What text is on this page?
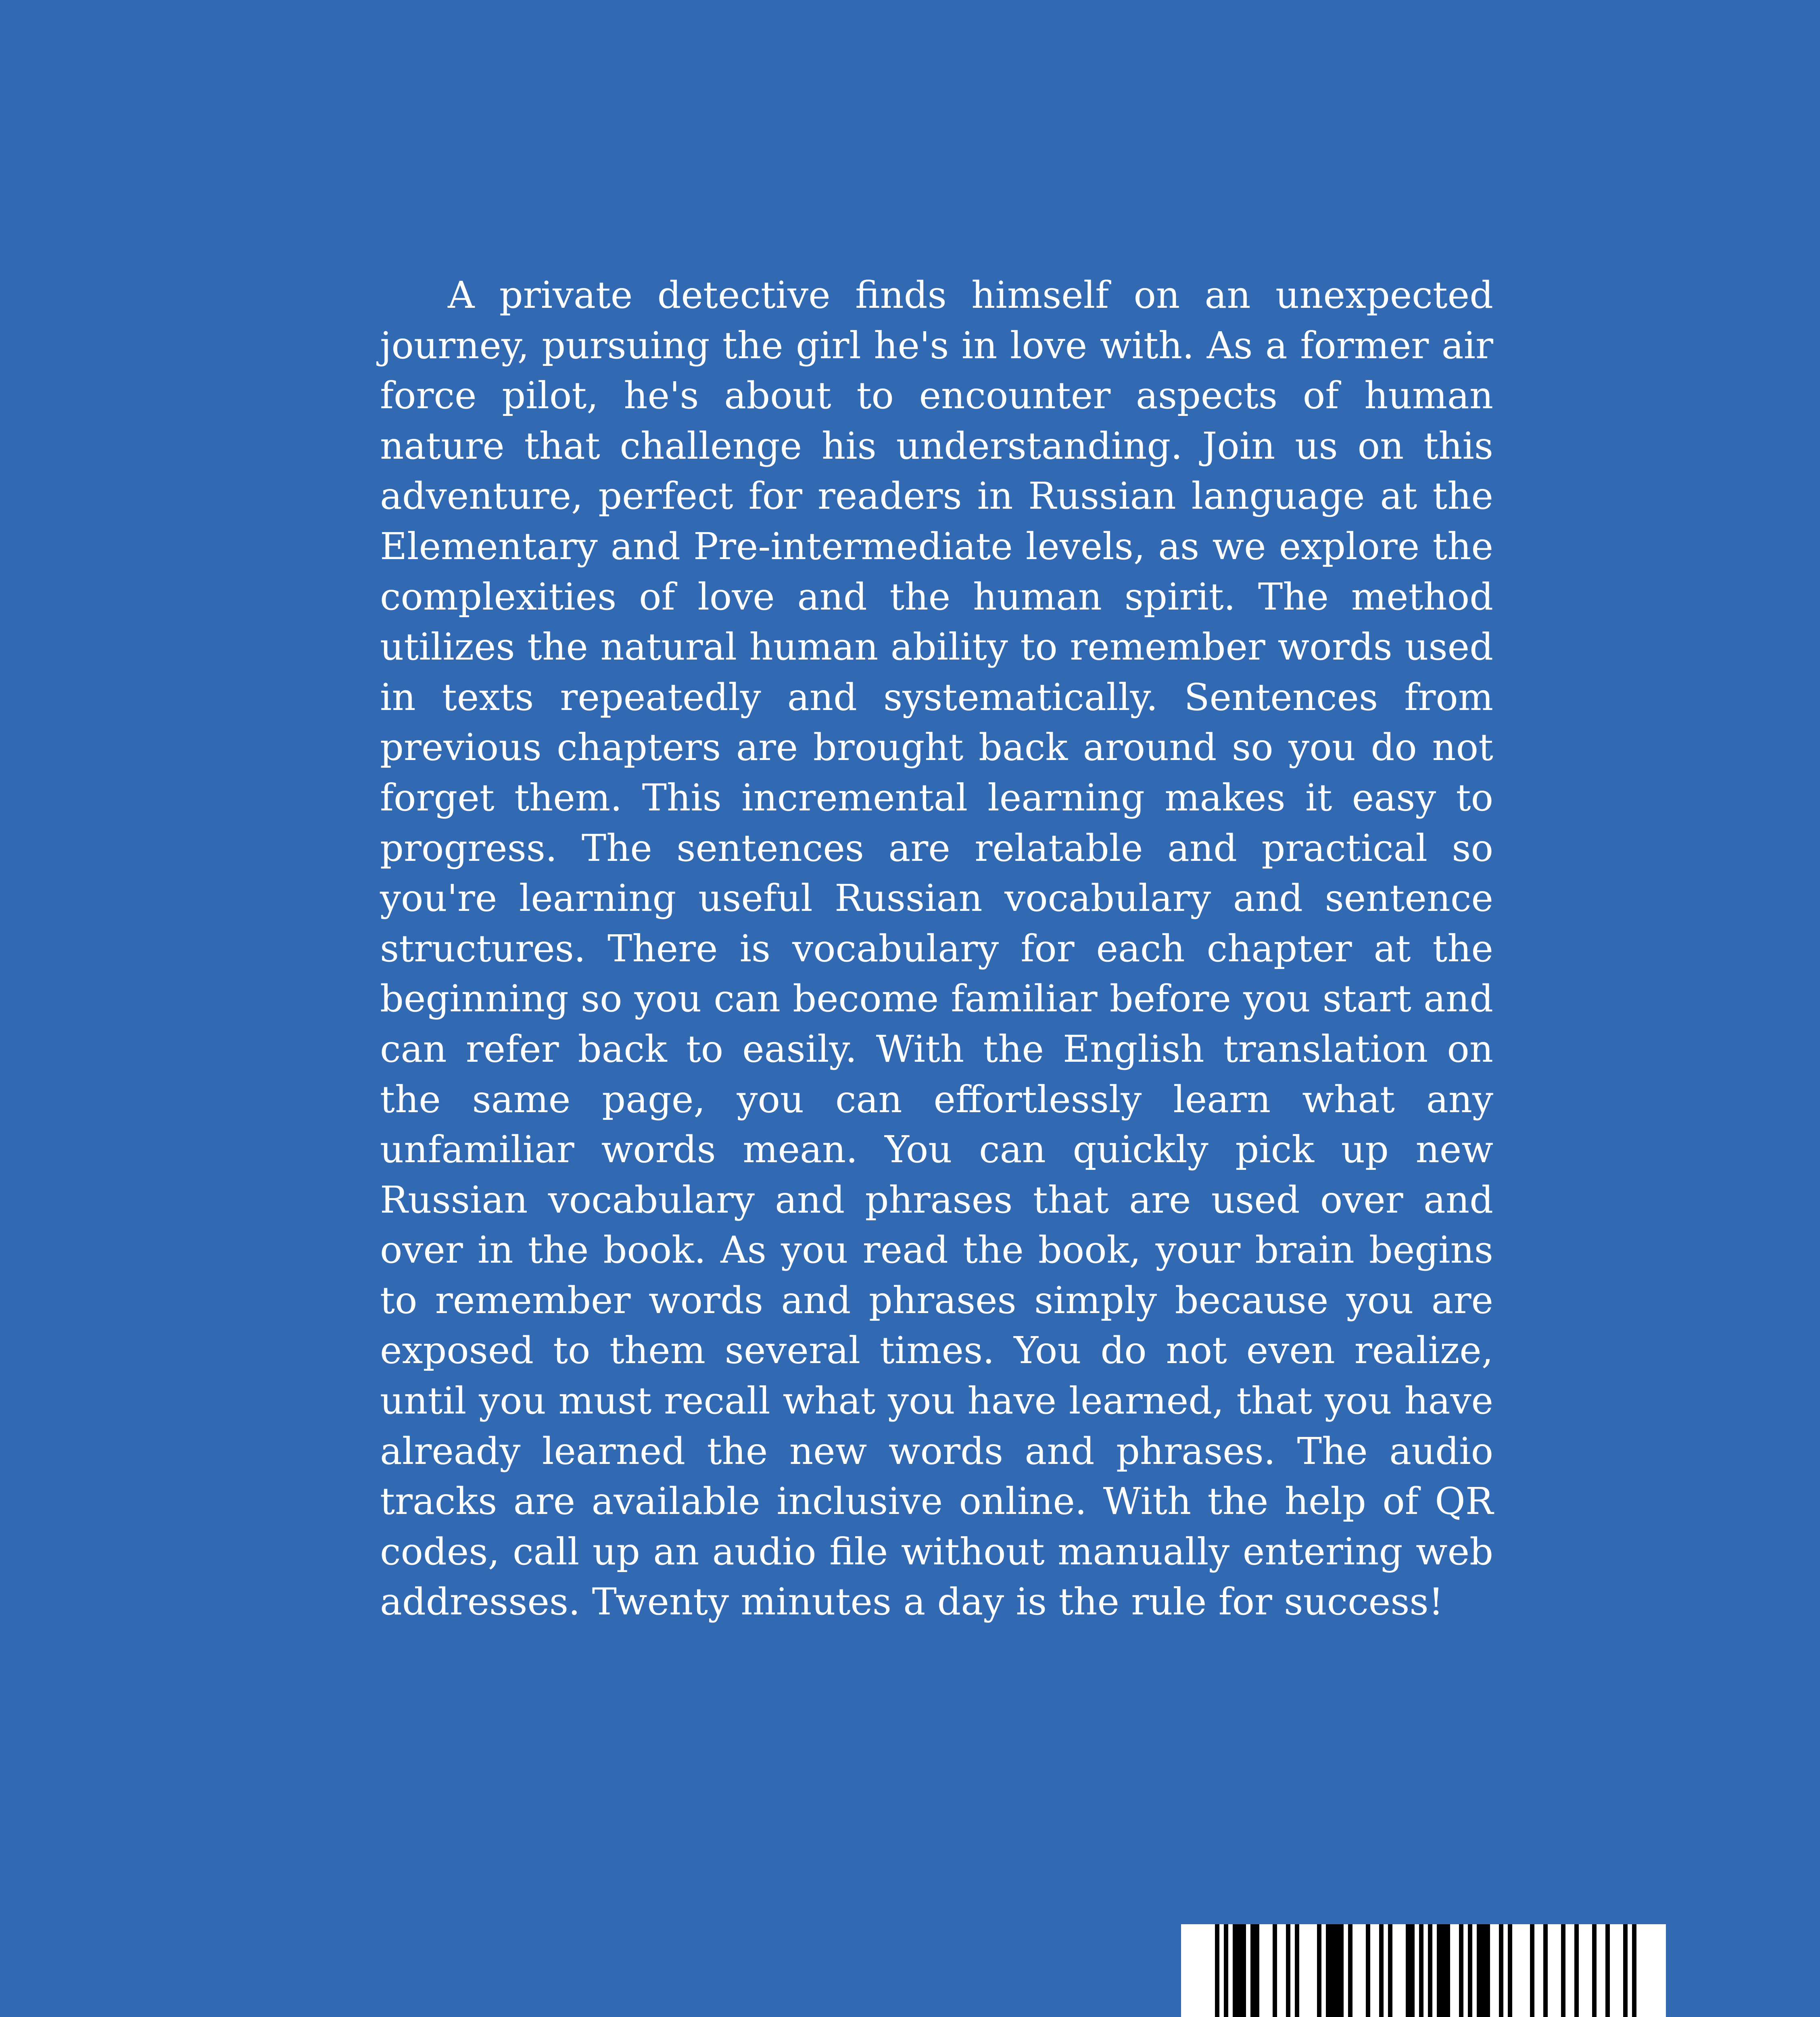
A private detective finds himself on an unexpected journey, pursuing the girl he's in love with. As a former air force pilot, he's about to encounter aspects of human nature that challenge his understanding. Join us on this adventure, perfect for readers in Russian language at the Elementary and Pre-intermediate levels, as we explore the complexities of love and the human spirit. The method utilizes the natural human ability to remember words used in texts repeatedly and systematically. Sentences from previous chapters are brought back around so you do not forget them. This incremental learning makes it easy to progress. The sentences are relatable and practical so you're learning useful Russian vocabulary and sentence structures. There is vocabulary for each chapter at the beginning so you can become familiar before you start and can refer back to easily. With the English translation on the same page, you can effortlessly learn what any unfamiliar words mean. You can quickly pick up new Russian vocabulary and phrases that are used over and over in the book. As you read the book, your brain begins to remember words and phrases simply because you are exposed to them several times. You do not even realize, until you must recall what you have learned, that you have already learned the new words and phrases. The audio tracks are available inclusive online. With the help of QR codes, call up an audio file without manually entering web addresses. Twenty minutes a day is the rule for success!
